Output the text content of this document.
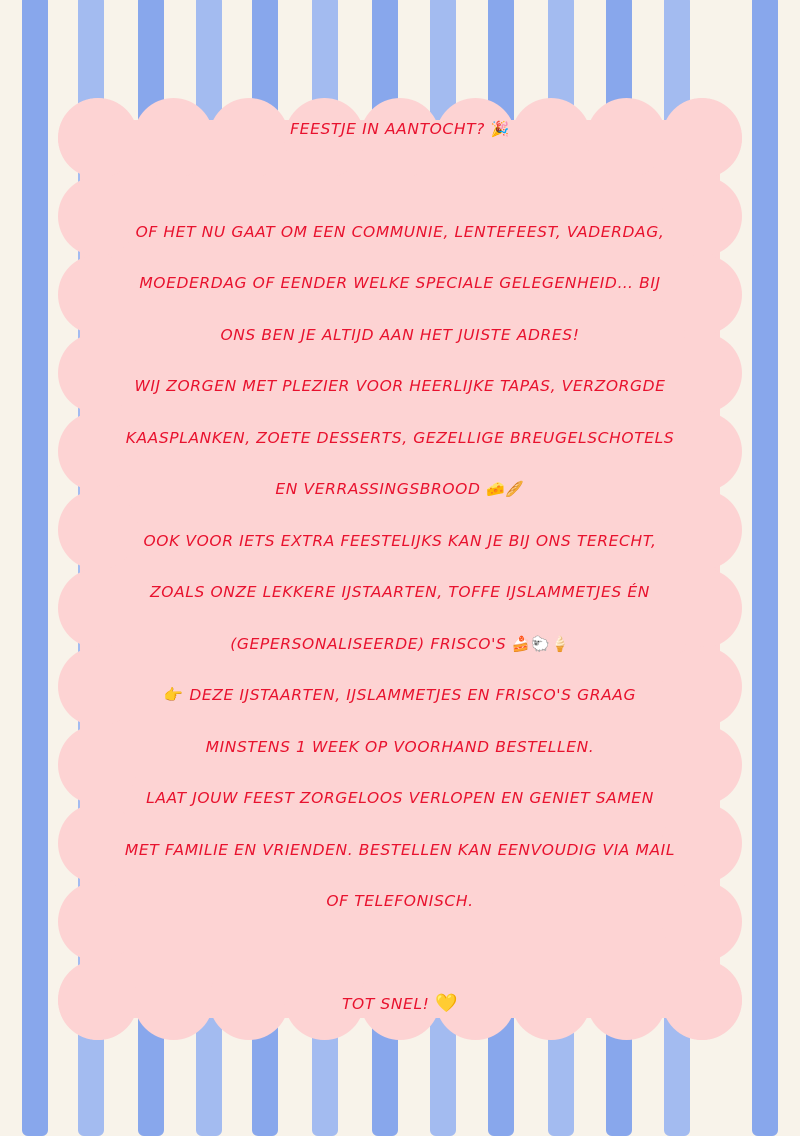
FEESTJE IN AANTOCHT? 🎉
OF HET NU GAAT OM EEN COMMUNIE, LENTEFEEST, VADERDAG,
MOEDERDAG OF EENDER WELKE SPECIALE GELEGENHEID… BIJ
ONS BEN JE ALTIJD AAN HET JUISTE ADRES!
WIJ ZORGEN MET PLEZIER VOOR HEERLIJKE TAPAS, VERZORGDE
KAASPLANKEN, ZOETE DESSERTS, GEZELLIGE BREUGELSCHOTELS
EN VERRASSINGSBROOD 🧀🥖
OOK VOOR IETS EXTRA FEESTELIJKS KAN JE BIJ ONS TERECHT,
ZOALS ONZE LEKKERE IJSTAARTEN, TOFFE IJSLAMMETJES ÉN
(GEPERSONALISEERDE) FRISCO'S 🍰🐑🍦
👉 DEZE IJSTAARTEN, IJSLAMMETJES EN FRISCO'S GRAAG
MINSTENS 1 WEEK OP VOORHAND BESTELLEN.
LAAT JOUW FEEST ZORGELOOS VERLOPEN EN GENIET SAMEN
MET FAMILIE EN VRIENDEN. BESTELLEN KAN EENVOUDIG VIA MAIL
OF TELEFONISCH.
TOT SNEL! 💛
